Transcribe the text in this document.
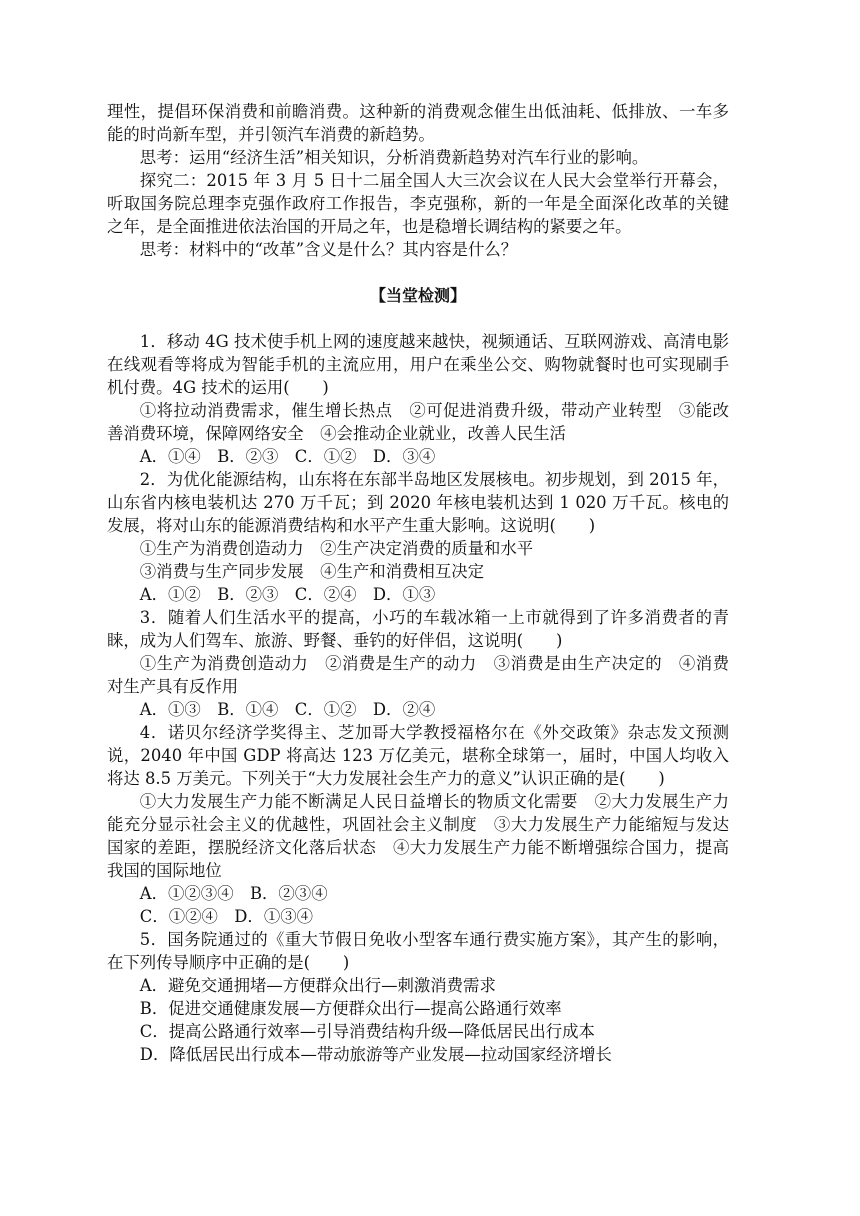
理性，提倡环保消费和前瞻消费。这种新的消费观念催生出低油耗、低排放、一车多能的时尚新车型，并引领汽车消费的新趋势。

思考：运用“经济生活”相关知识，分析消费新趋势对汽车行业的影响。

探究二：2015 年 3 月 5 日十二届全国人大三次会议在人民大会堂举行开幕会，听取国务院总理李克强作政府工作报告，李克强称，新的一年是全面深化改革的关键之年，是全面推进依法治国的开局之年，也是稳增长调结构的紧要之年。

思考：材料中的“改革”含义是什么？其内容是什么？

【当堂检测】

1．移动 4G 技术使手机上网的速度越来越快，视频通话、互联网游戏、高清电影在线观看等将成为智能手机的主流应用，用户在乘坐公交、购物就餐时也可实现刷手机付费。4G 技术的运用(　　)

①将拉动消费需求，催生增长热点　②可促进消费升级，带动产业转型　③能改善消费环境，保障网络安全　④会推动企业就业，改善人民生活

A．①④　B．②③　C．①②　D．③④

2．为优化能源结构，山东将在东部半岛地区发展核电。初步规划，到 2015 年，山东省内核电装机达 270 万千瓦；到 2020 年核电装机达到 1 020 万千瓦。核电的发展，将对山东的能源消费结构和水平产生重大影响。这说明(　　)

①生产为消费创造动力　②生产决定消费的质量和水平

③消费与生产同步发展　④生产和消费相互决定

A．①②　B．②③　C．②④　D．①③

3．随着人们生活水平的提高，小巧的车载冰箱一上市就得到了许多消费者的青睐，成为人们驾车、旅游、野餐、垂钓的好伴侣，这说明(　　)

①生产为消费创造动力　②消费是生产的动力　③消费是由生产决定的　④消费对生产具有反作用

A．①③　B．①④　C．①②　D．②④

4．诺贝尔经济学奖得主、芝加哥大学教授福格尔在《外交政策》杂志发文预测说，2040 年中国 GDP 将高达 123 万亿美元，堪称全球第一，届时，中国人均收入将达 8.5 万美元。下列关于“大力发展社会生产力的意义”认识正确的是(　　)

①大力发展生产力能不断满足人民日益增长的物质文化需要　②大力发展生产力能充分显示社会主义的优越性，巩固社会主义制度　③大力发展生产力能缩短与发达国家的差距，摆脱经济文化落后状态　④大力发展生产力能不断增强综合国力，提高我国的国际地位

A．①②③④　B．②③④

C．①②④　D．①③④

5．国务院通过的《重大节假日免收小型客车通行费实施方案》，其产生的影响，在下列传导顺序中正确的是(　　)

A．避免交通拥堵—方便群众出行—刺激消费需求

B．促进交通健康发展—方便群众出行—提高公路通行效率

C．提高公路通行效率—引导消费结构升级—降低居民出行成本

D．降低居民出行成本—带动旅游等产业发展—拉动国家经济增长
